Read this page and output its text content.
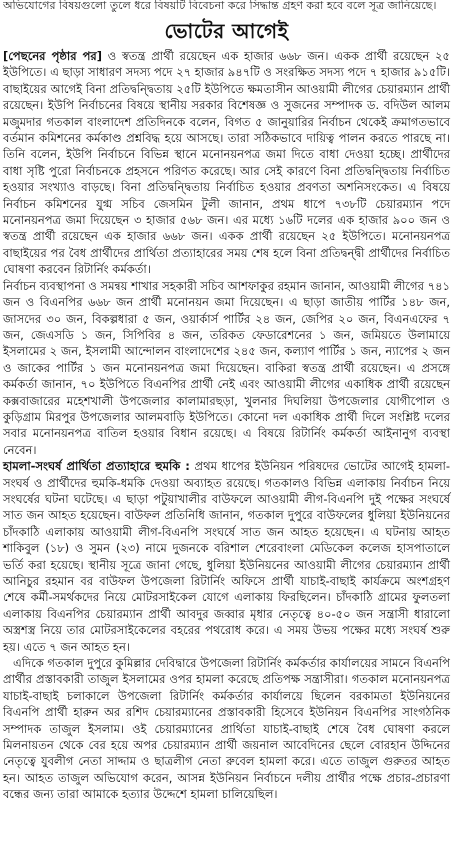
অভিযোগের বিষয়গুলো তুলে ধরে বিষয়টি বিবেচনা করে সিদ্ধান্ত গ্রহণ করা হবে বলে সূত্র জানিয়েছে।
ভোটের আগেই

[পেছনের পৃষ্ঠার পর] ও স্বতন্ত্র প্রার্থী রয়েছেন এক হাজার ৬৬৮ জন। একক প্রার্থী রয়েছেন ২৫ ইউপিতে। এ ছাড়া সাধারণ সদস্য পদে ২৭ হাজার ৯৪৭টি ও সংরক্ষিত সদস্য পদে ৭ হাজার ৯১৫টি। বাছাইয়ের আগেই বিনা প্রতিদ্বন্দ্বিতায় ২৫টি ইউপিতে ক্ষমতাসীন আওয়ামী লীগের চেয়ারম্যান প্রার্থী রয়েছেন। ইউপি নির্বাচনের বিষয়ে স্থানীয় সরকার বিশেষজ্ঞ ও সুজনের সম্পাদক ড. বদিউল আলম মজুমদার গতকাল বাংলাদেশ প্রতিদিনকে বলেন, বিগত ৫ জানুয়ারির নির্বাচন থেকেই ক্রমাগতভাবে বর্তমান কমিশনের কর্মকাণ্ড প্রশ্নবিদ্ধ হয়ে আসছে। তারা সঠিকভাবে দায়িত্ব পালন করতে পারছে না। তিনি বলেন, ইউপি নির্বাচনে বিভিন্ন স্থানে মনোনয়নপত্র জমা দিতে বাধা দেওয়া হচ্ছে। প্রার্থীদের বাধা সৃষ্টি পুরো নির্বাচনকে প্রহসনে পরিণত করেছে। আর সেই কারণে বিনা প্রতিদ্বন্দ্বিতায় নির্বাচিত হওয়ার সংখ্যাও বাড়ছে। বিনা প্রতিদ্বন্দ্বিতায় নির্বাচিত হওয়ার প্রবণতা অশনিসংকেত। এ বিষয়ে নির্বাচন কমিশনের যুগ্ম সচিব জেসমিন টুলী জানান, প্রথম ধাপে ৭৩৮টি চেয়ারম্যান পদে মনোনয়নপত্র জমা দিয়েছেন ৩ হাজার ৫৬৮ জন। এর মধ্যে ১৬টি দলের এক হাজার ৯০০ জন ও স্বতন্ত্র প্রার্থী রয়েছেন এক হাজার ৬৬৮ জন। একক প্রার্থী রয়েছেন ২৫ ইউপিতে। মনোনয়নপত্র বাছাইয়ের পর বৈধ প্রার্থীদের প্রার্থিতা প্রত্যাহারের সময় শেষ হলে বিনা প্রতিদ্বন্দ্বী প্রার্থীদের নির্বাচিত ঘোষণা করবেন রিটার্নিং কর্মকর্তা।

নির্বাচন ব্যবস্থাপনা ও সমন্বয় শাখার সহকারী সচিব আশফাকুর রহমান জানান, আওয়ামী লীগের ৭৪১ জন ও বিএনপির ৬৬৮ জন প্রার্থী মনোনয়ন জমা দিয়েছেন। এ ছাড়া জাতীয় পার্টির ১৪৮ জন, জাসদের ৩০ জন, বিকল্পধারা ৫ জন, ওয়ার্কার্স পার্টির ২৪ জন, জেপির ২০ জন, বিএনএফের ৭ জন, জেএসডি ১ জন, সিপিবির ৪ জন, তরিকত ফেডারেশনের ১ জন, জমিয়তে উলামায়ে ইসলামের ২ জন, ইসলামী আন্দোলন বাংলাদেশের ২৪৫ জন, কল্যাণ পার্টির ১ জন, ন্যাপের ২ জন ও জাকের পার্টির ১ জন মনোনয়নপত্র জমা দিয়েছেন। বাকিরা স্বতন্ত্র প্রার্থী রয়েছেন। এ প্রসঙ্গে কর্মকর্তা জানান, ৭০ ইউপিতে বিএনপির প্রার্থী নেই এবং আওয়ামী লীগের একাধিক প্রার্থী রয়েছেন কক্সবাজারের মহেশখালী উপজেলার কালামারছড়া, খুলনার দিঘলিয়া উপজেলার যোগীপোল ও কুড়িগ্রাম মিরপুর উপজেলার আলমবাড়ি ইউপিতে। কোনো দল একাধিক প্রার্থী দিলে সংশ্লিষ্ট দলের সবার মনোনয়নপত্র বাতিল হওয়ার বিধান রয়েছে। এ বিষয়ে রিটার্নিং কর্মকর্তা আইনানুগ ব্যবস্থা নেবেন।

হামলা-সংঘর্ষ প্রার্থিতা প্রত্যাহারে হুমকি : প্রথম ধাপের ইউনিয়ন পরিষদের ভোটের আগেই হামলা-সংঘর্ষ ও প্রার্থীদের হুমকি-ধমকি দেওয়া অব্যাহত রয়েছে। গতকালও বিভিন্ন এলাকায় নির্বাচন নিয়ে সংঘর্ষের ঘটনা ঘটেছে। এ ছাড়া পটুয়াখালীর বাউফলে আওয়ামী লীগ-বিএনপি দুই পক্ষের সংঘর্ষে সাত জন আহত হয়েছেন। বাউফল প্রতিনিধি জানান, গতকাল দুপুরে বাউফলের ধুলিয়া ইউনিয়নের চাঁদকাঠি এলাকায় আওয়ামী লীগ-বিএনপি সংঘর্ষে সাত জন আহত হয়েছেন। এ ঘটনায় আহত শাকিবুল (১৮) ও সুমন (২৩) নামে দুজনকে বরিশাল শেরেবাংলা মেডিকেল কলেজ হাসপাতালে ভর্তি করা হয়েছে। স্থানীয় সূত্রে জানা গেছে, ধুলিয়া ইউনিয়নের আওয়ামী লীগের চেয়ারম্যান প্রার্থী আনিচুর রহমান বর বাউফল উপজেলা রিটার্নিং অফিসে প্রার্থী যাচাই-বাছাই কার্যক্রমে অংশগ্রহণ শেষে কর্মী-সমর্থকদের নিয়ে মোটরসাইকেল যোগে এলাকায় ফিরছিলেন। চাঁদকাঠি গ্রামের ফুলতলা এলাকায় বিএনপির চেয়ারম্যান প্রার্থী আবদুর জব্বার মৃধার নেতৃত্বে ৪০-৫০ জন সন্ত্রাসী ধারালো অস্ত্রশস্ত্র নিয়ে তার মোটরসাইকেলের বহরের পথরোধ করে। এ সময় উভয় পক্ষের মধ্যে সংঘর্ষ শুরু হয়। এতে ৭ জন আহত হন।

এদিকে গতকাল দুপুরে কুমিল্লার দেবিদ্বারে উপজেলা রিটার্নিং কর্মকর্তার কার্যালয়ের সামনে বিএনপি প্রার্থীর প্রস্তাবকারী তাজুল ইসলামের ওপর হামলা করেছে প্রতিপক্ষ সন্ত্রাসীরা। গতকাল মনোনয়নপত্র যাচাই-বাছাই চলাকালে উপজেলা রিটার্নিং কর্মকর্তার কার্যালয়ে ছিলেন বরকামতা ইউনিয়নের বিএনপি প্রার্থী হারুন অর রশিদ চেয়ারম্যানের প্রস্তাবকারী হিসেবে ইউনিয়ন বিএনপির সাংগঠনিক সম্পাদক তাজুল ইসলাম। ওই চেয়ারম্যানের প্রার্থিতা যাচাই-বাছাই শেষে বৈধ ঘোষণা করলে মিলনায়তন থেকে বের হয়ে অপর চেয়ারম্যান প্রার্থী জয়নাল আবেদিনের ছেলে বোরহান উদ্দিনের নেতৃত্বে যুবলীগ নেতা সাদ্দাম ও ছাত্রলীগ নেতা রুবেল হামলা করে। এতে তাজুল গুরুতর আহত হন। আহত তাজুল অভিযোগ করেন, আসন্ন ইউনিয়ন নির্বাচনে দলীয় প্রার্থীর পক্ষে প্রচার-প্রচারণা বন্ধের জন্য তারা আমাকে হত্যার উদ্দেশে হামলা চালিয়েছিল।
